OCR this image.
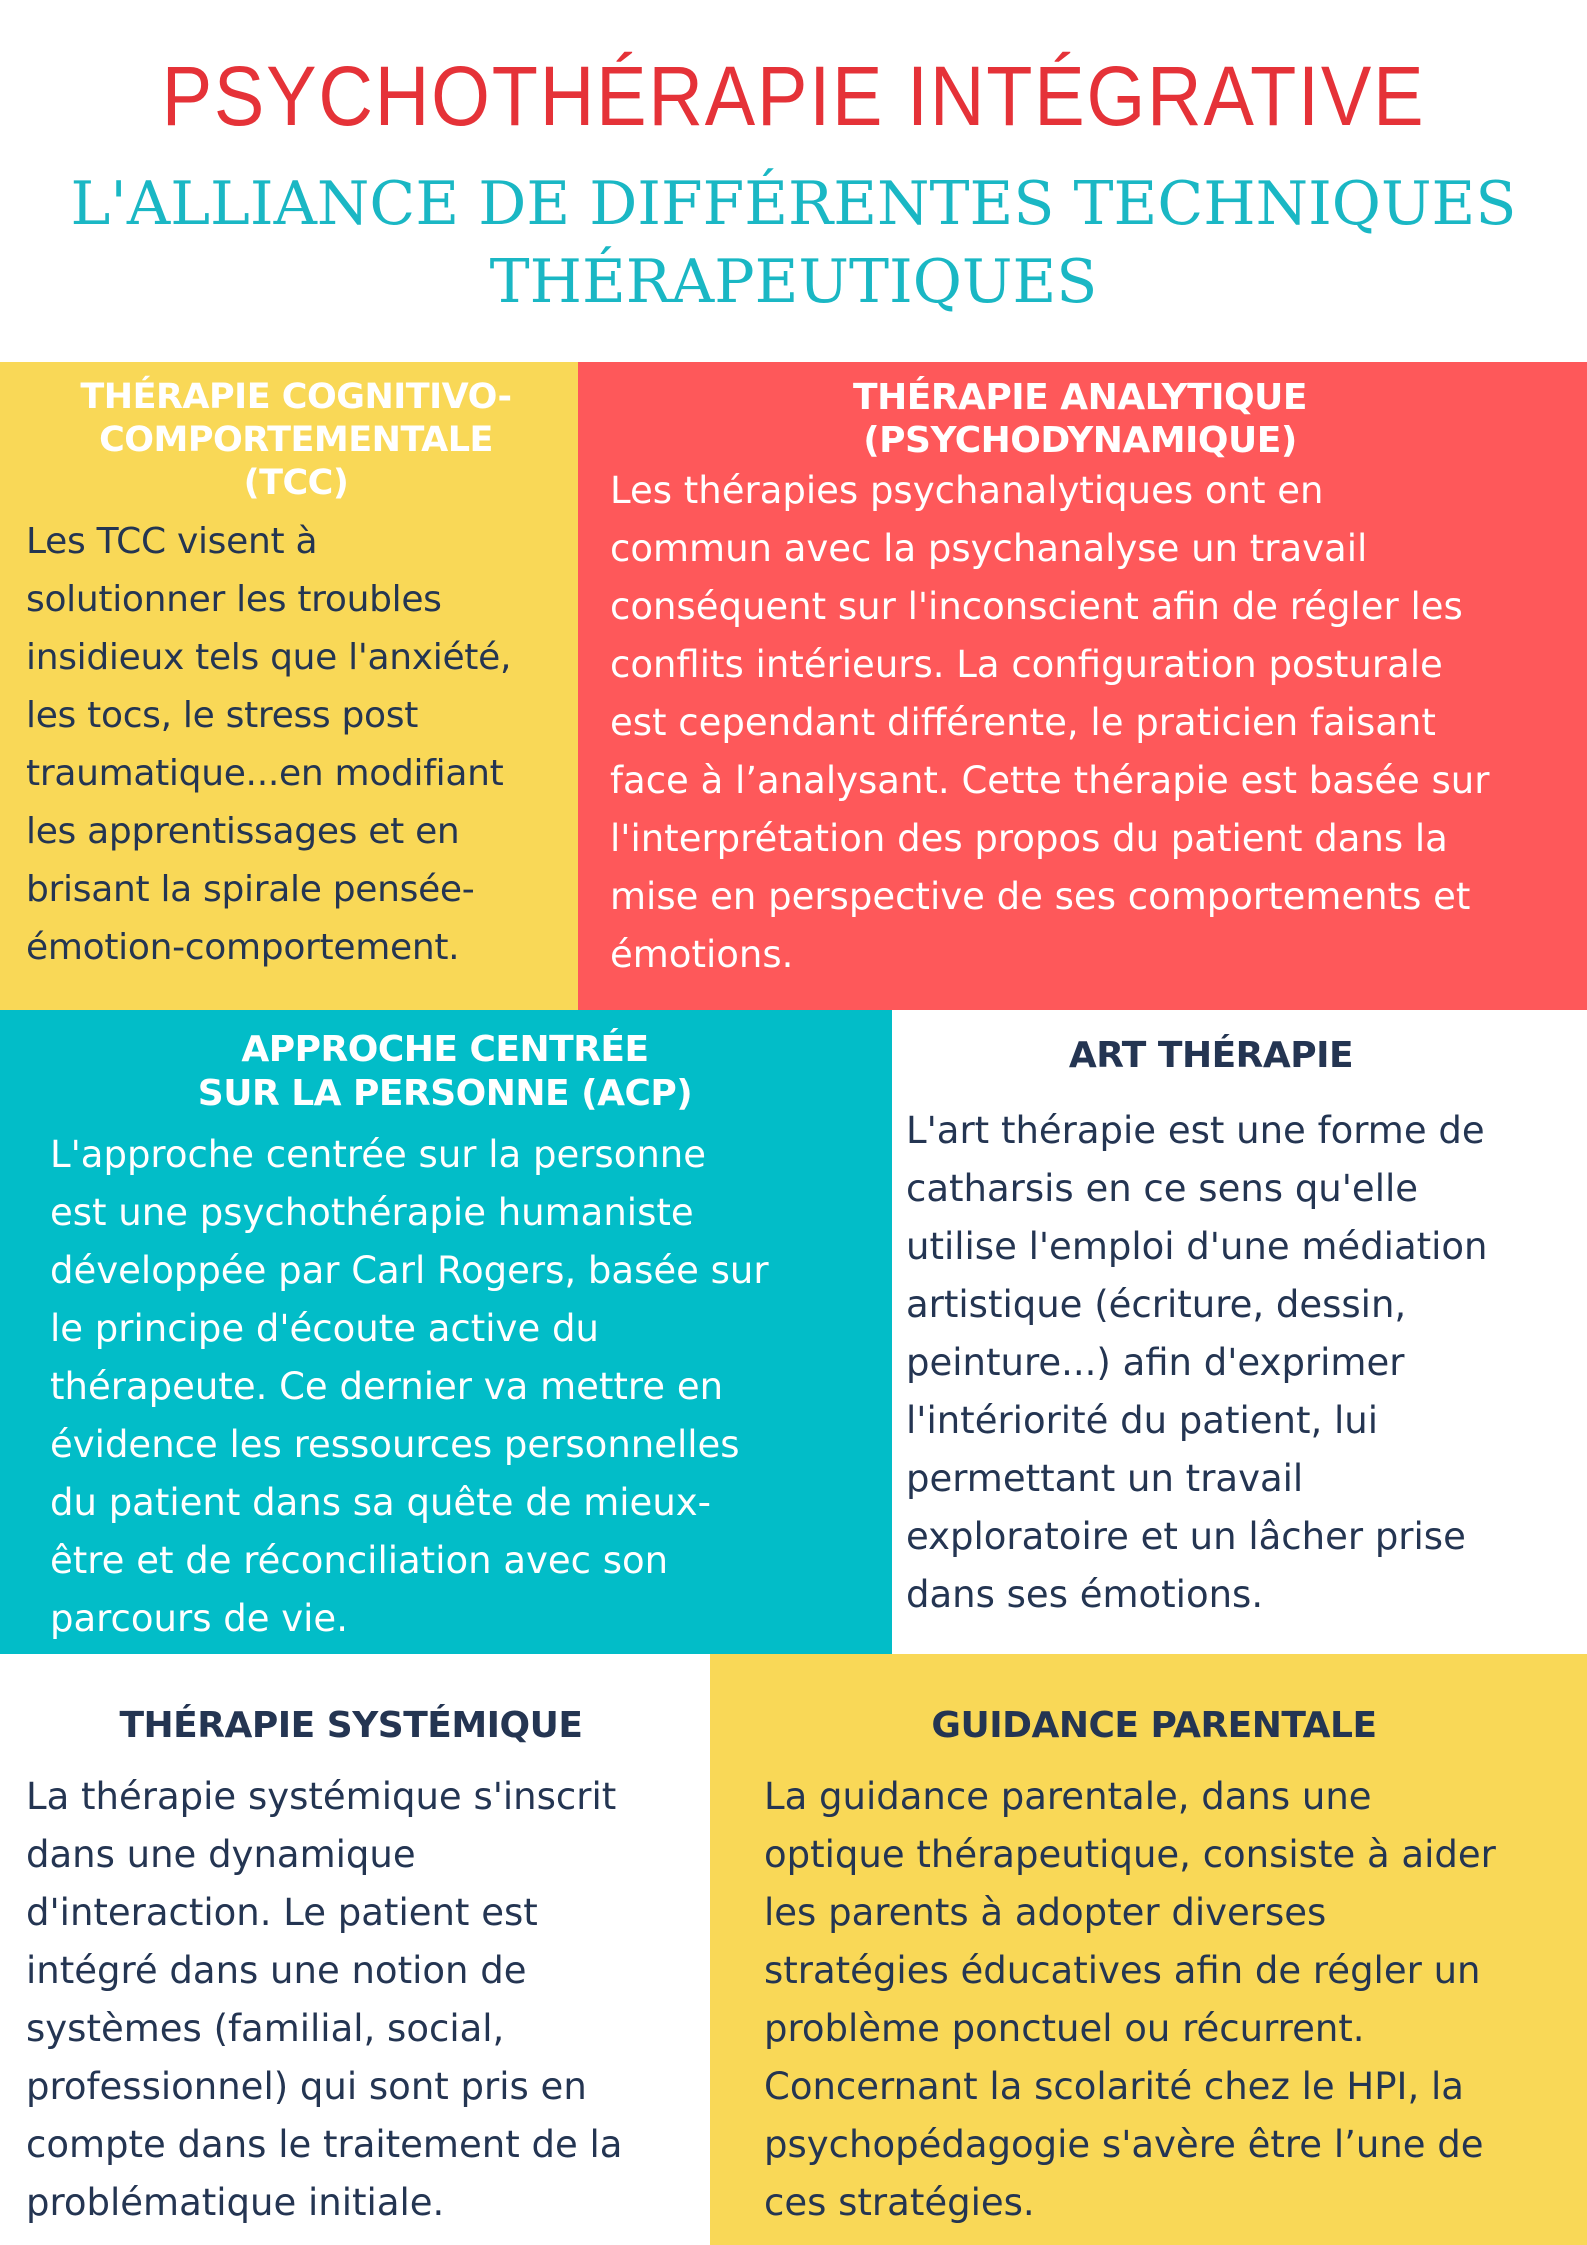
PSYCHOTHÉRAPIE INTÉGRATIVE
L'ALLIANCE DE DIFFÉRENTES TECHNIQUES
THÉRAPEUTIQUES
THÉRAPIE COGNITIVO-
COMPORTEMENTALE
(TCC)

Les TCC visent à
solutionner les troubles
insidieux tels que l'anxiété,
les tocs, le stress post
traumatique...en modifiant
les apprentissages et en
brisant la spirale pensée-
émotion-comportement.

THÉRAPIE ANALYTIQUE
(PSYCHODYNAMIQUE)

Les thérapies psychanalytiques ont en
commun avec la psychanalyse un travail
conséquent sur l'inconscient afin de régler les
conflits intérieurs. La configuration posturale
est cependant différente, le praticien faisant
face à l’analysant. Cette thérapie est basée sur
l'interprétation des propos du patient dans la
mise en perspective de ses comportements et
émotions.

APPROCHE CENTRÉE
SUR LA PERSONNE (ACP)

L'approche centrée sur la personne
est une psychothérapie humaniste
développée par Carl Rogers, basée sur
le principe d'écoute active du
thérapeute. Ce dernier va mettre en
évidence les ressources personnelles
du patient dans sa quête de mieux-
être et de réconciliation avec son
parcours de vie.

ART THÉRAPIE

L'art thérapie est une forme de
catharsis en ce sens qu'elle
utilise l'emploi d'une médiation
artistique (écriture, dessin,
peinture...) afin d'exprimer
l'intériorité du patient, lui
permettant un travail
exploratoire et un lâcher prise
dans ses émotions.

THÉRAPIE SYSTÉMIQUE

La thérapie systémique s'inscrit
dans une dynamique
d'interaction. Le patient est
intégré dans une notion de
systèmes (familial, social,
professionnel) qui sont pris en
compte dans le traitement de la
problématique initiale.

GUIDANCE PARENTALE

La guidance parentale, dans une
optique thérapeutique, consiste à aider
les parents à adopter diverses
stratégies éducatives afin de régler un
problème ponctuel ou récurrent.
Concernant la scolarité chez le HPI, la
psychopédagogie s'avère être l’une de
ces stratégies.
